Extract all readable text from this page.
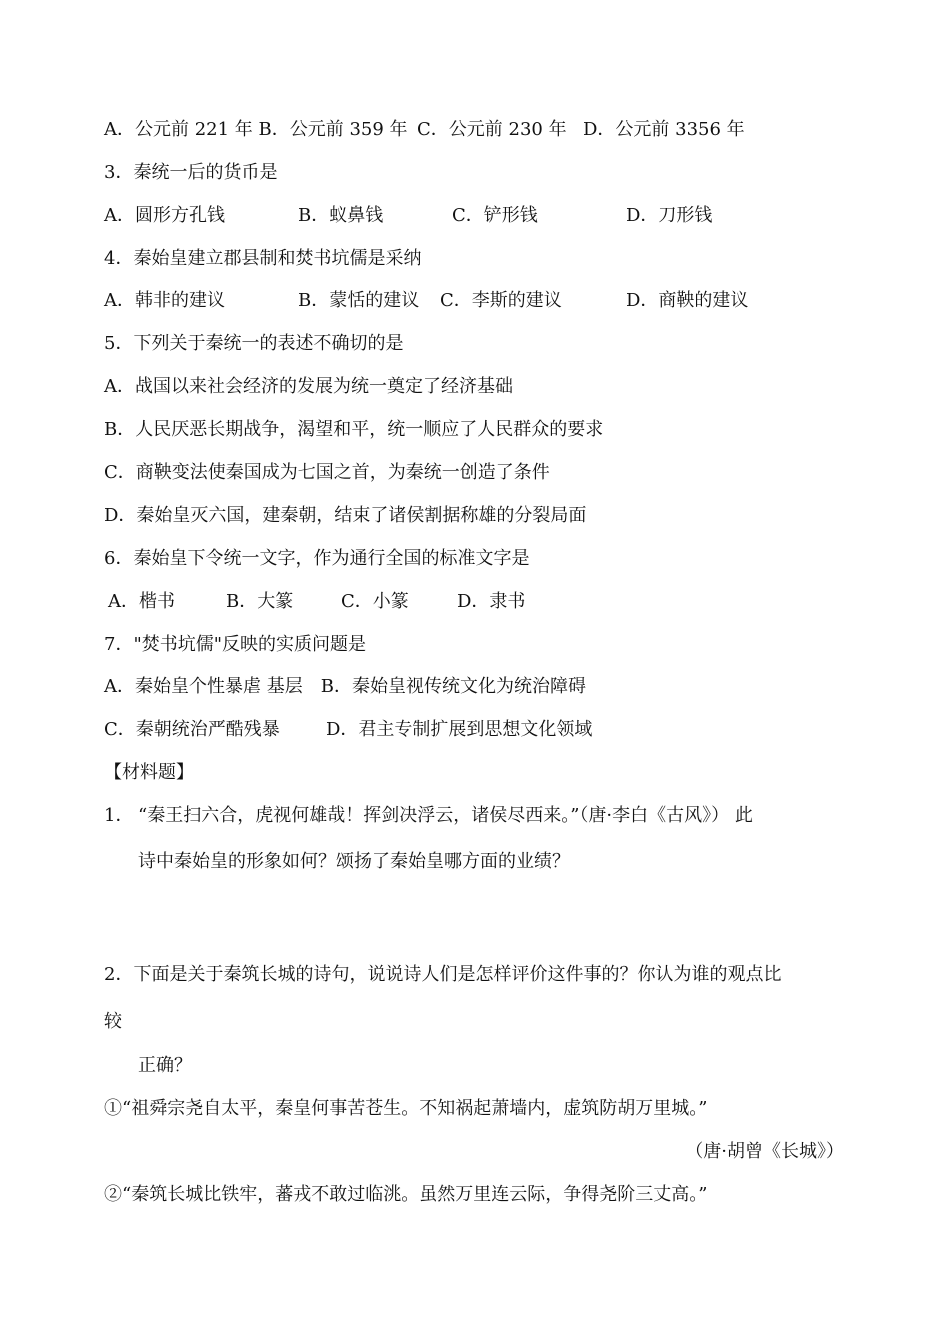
A．公元前 221 年 B．公元前 359 年 C．公元前 230 年 D．公元前 3356 年
3．秦统一后的货币是
A．圆形方孔钱	B．蚁鼻钱	C．铲形钱	D．刀形钱
4．秦始皇建立郡县制和焚书坑儒是采纳
A．韩非的建议	B．蒙恬的建议 C．李斯的建议	D．商鞅的建议
5．下列关于秦统一的表述不确切的是
A．战国以来社会经济的发展为统一奠定了经济基础
B．人民厌恶长期战争，渴望和平，统一顺应了人民群众的要求
C．商鞅变法使秦国成为七国之首，为秦统一创造了条件
D．秦始皇灭六国，建秦朝，结束了诸侯割据称雄的分裂局面
6．秦始皇下令统一文字，作为通行全国的标准文字是
A．楷书	B．大篆	C．小篆	D．隶书
7．"焚书坑儒"反映的实质问题是
A．秦始皇个性暴虐 基层　B．秦始皇视传统文化为统治障碍
C．秦朝统治严酷残暴	D．君主专制扩展到思想文化领域
【材料题】
1． “秦王扫六合，虎视何雄哉！挥剑决浮云，诸侯尽西来。”（唐·李白《古风》） 此
诗中秦始皇的形象如何？颂扬了秦始皇哪方面的业绩？
2．下面是关于秦筑长城的诗句，说说诗人们是怎样评价这件事的？你认为谁的观点比
较
正确？
①“祖舜宗尧自太平，秦皇何事苦苍生。不知祸起萧墙内，虚筑防胡万里城。”
（唐·胡曾《长城》）
②“秦筑长城比铁牢，蕃戎不敢过临洮。虽然万里连云际，争得尧阶三丈高。”
